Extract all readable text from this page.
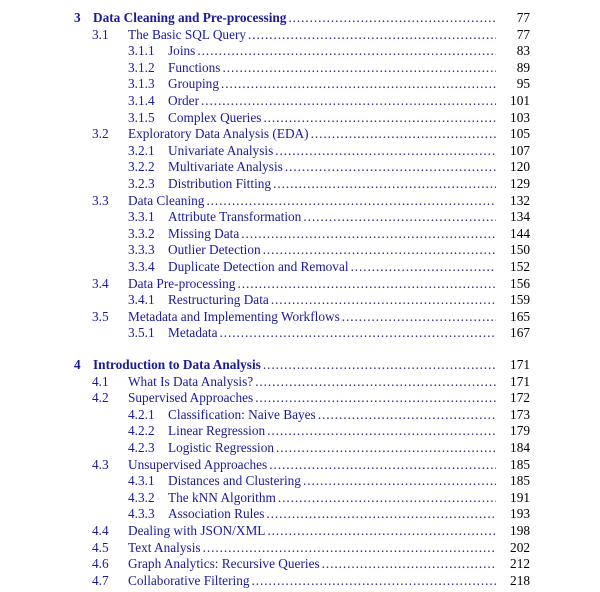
3 Data Cleaning and Pre-processing . . .	77
3.1 The Basic SQL Query . . .	77
3.1.1 Joins . . .	83
3.1.2 Functions . . .	89
3.1.3 Grouping . . .	95
3.1.4 Order . . .	101
3.1.5 Complex Queries . . .	103
3.2 Exploratory Data Analysis (EDA) . . .	105
3.2.1 Univariate Analysis . . .	107
3.2.2 Multivariate Analysis . . .	120
3.2.3 Distribution Fitting . . .	129
3.3 Data Cleaning . . .	132
3.3.1 Attribute Transformation . . .	134
3.3.2 Missing Data . . .	144
3.3.3 Outlier Detection . . .	150
3.3.4 Duplicate Detection and Removal . . .	152
3.4 Data Pre-processing . . .	156
3.4.1 Restructuring Data . . .	159
3.5 Metadata and Implementing Workflows . . .	165
3.5.1 Metadata . . .	167
4 Introduction to Data Analysis . . .	171
4.1 What Is Data Analysis? . . .	171
4.2 Supervised Approaches . . .	172
4.2.1 Classification: Naive Bayes . . .	173
4.2.2 Linear Regression . . .	179
4.2.3 Logistic Regression . . .	184
4.3 Unsupervised Approaches . . .	185
4.3.1 Distances and Clustering . . .	185
4.3.2 The kNN Algorithm . . .	191
4.3.3 Association Rules . . .	193
4.4 Dealing with JSON/XML . . .	198
4.5 Text Analysis . . .	202
4.6 Graph Analytics: Recursive Queries . . .	212
4.7 Collaborative Filtering . . .	218
